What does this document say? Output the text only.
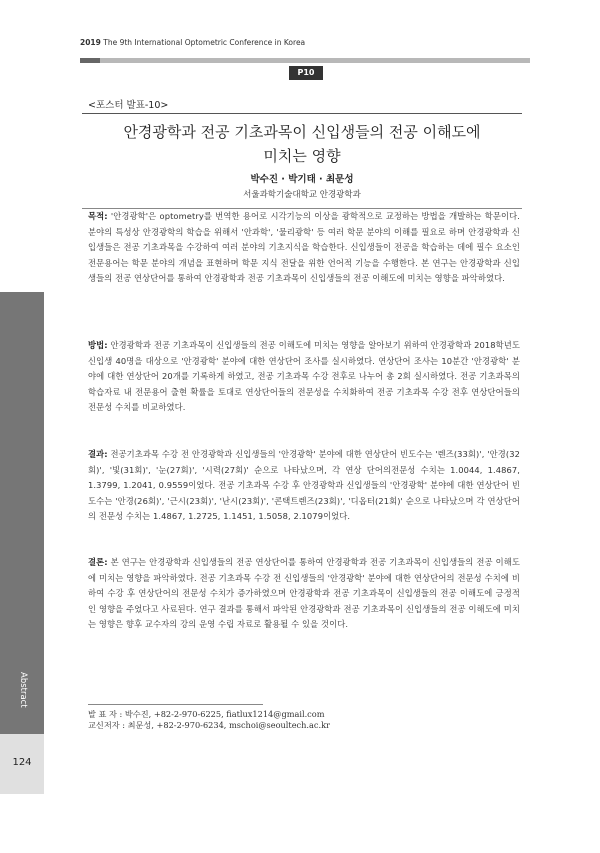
2019 The 9th International Optometric Conference in Korea
P10
<포스터 발표-10>
안경광학과 전공 기초과목이 신입생들의 전공 이해도에
미치는 영향
박수진 · 박기태 · 최문성
서울과학기술대학교 안경광학과
목적: '안경광학'은 optometry를 번역한 용어로 시각기능의 이상을 광학적으로 교정하는 방법을 개발하는 학문이다. 분야의 특성상 안경광학의 학습을 위해서 '안과학', '물리광학' 등 여러 학문 분야의 이해를 필요로 하며 안경광학과 신입생들은 전공 기초과목을 수강하여 여러 분야의 기초지식을 학습한다. 신입생들이 전공을 학습하는 데에 필수 요소인 전문용어는 학문 분야의 개념을 표현하며 학문 지식 전달을 위한 언어적 기능을 수행한다. 본 연구는 안경광학과 신입생들의 전공 연상단어를 통하여 안경광학과 전공 기초과목이 신입생들의 전공 이해도에 미치는 영향을 파악하였다.
방법: 안경광학과 전공 기초과목이 신입생들의 전공 이해도에 미치는 영향을 알아보기 위하여 안경광학과 2018학년도 신입생 40명을 대상으로 '안경광학' 분야에 대한 연상단어 조사를 실시하였다. 연상단어 조사는 10분간 '안경광학' 분야에 대한 연상단어 20개를 기록하게 하였고, 전공 기초과목 수강 전후로 나누어 총 2회 실시하였다. 전공 기초과목의 학습자료 내 전문용어 출현 확률을 토대로 연상단어들의 전문성을 수치화하여 전공 기초과목 수강 전후 연상단어들의 전문성 수치를 비교하였다.
결과: 전공기초과목 수강 전 안경광학과 신입생들의 '안경광학' 분야에 대한 연상단어 빈도수는 '렌즈(33회)', '안경(32회)', '빛(31회)', '눈(27회)', '시력(27회)' 순으로 나타났으며, 각 연상 단어의전문성 수치는 1.0044, 1.4867, 1.3799, 1.2041, 0.9559이었다. 전공 기초과목 수강 후 안경광학과 신입생들의 '안경광학' 분야에 대한 연상단어 빈도수는 '안경(26회)', '근시(23회)', '난시(23회)', '콘택트렌즈(23회)', '디옵터(21회)' 순으로 나타났으며 각 연상단어의 전문성 수치는 1.4867, 1.2725, 1.1451, 1.5058, 2.1079이었다.
결론: 본 연구는 안경광학과 신입생들의 전공 연상단어를 통하여 안경광학과 전공 기초과목이 신입생들의 전공 이해도에 미치는 영향을 파악하였다. 전공 기초과목 수강 전 신입생들의 '안경광학' 분야에 대한 연상단어의 전문성 수치에 비하여 수강 후 연상단어의 전문성 수치가 증가하였으며 안경광학과 전공 기초과목이 신입생들의 전공 이해도에 긍정적인 영향을 주었다고 사료된다. 연구 결과를 통해서 파악된 안경광학과 전공 기초과목이 신입생들의 전공 이해도에 미치는 영향은 향후 교수자의 강의 운영 수립 자료로 활용될 수 있을 것이다.
발 표 자 : 박수진, +82-2-970-6225, fiatlux1214@gmail.com
교신저자 : 최문성, +82-2-970-6234, mschoi@seoultech.ac.kr
Abstract
124
